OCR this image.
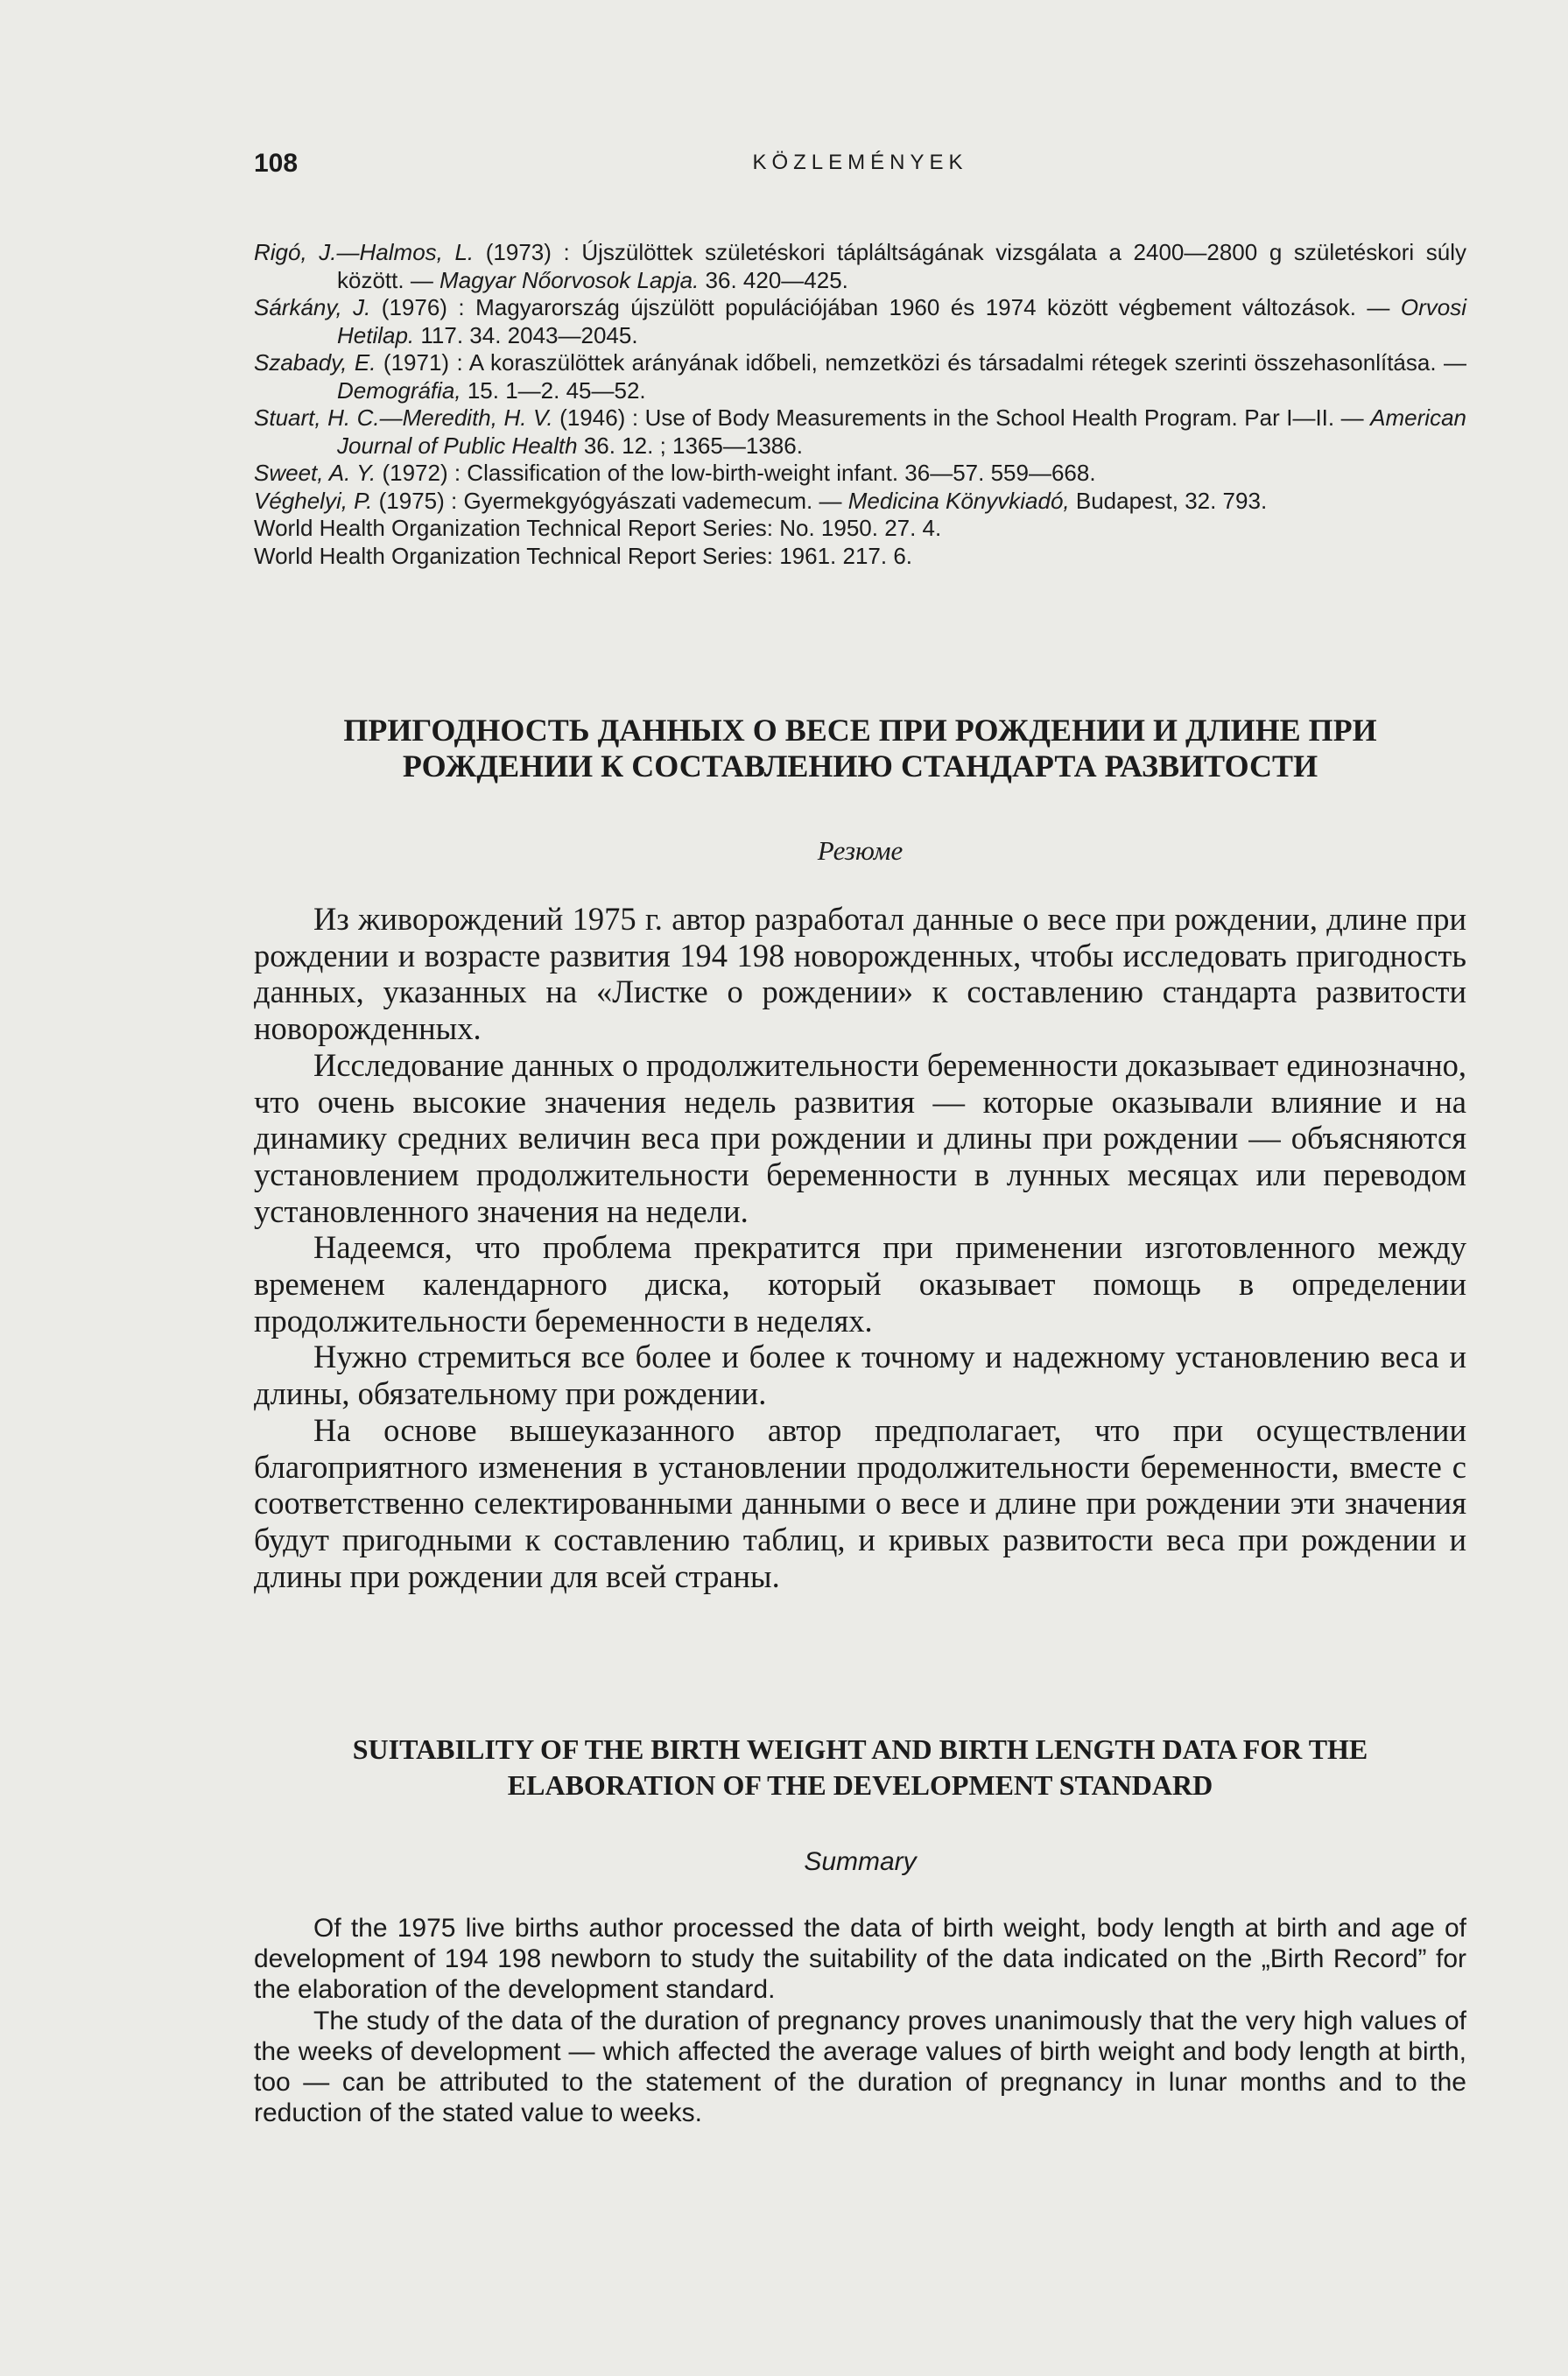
108	KÖZLEMÉNYEK

Rigó, J.—Halmos, L. (1973) : Újszülöttek születéskori tápláltságának vizsgálata a 2400—2800 g születéskori súly között. — Magyar Nőorvosok Lapja. 36. 420—425.

Sárkány, J. (1976) : Magyarország újszülött populációjában 1960 és 1974 között végbement változások. — Orvosi Hetilap. 117. 34. 2043—2045.

Szabady, E. (1971) : A koraszülöttek arányának időbeli, nemzetközi és társadalmi rétegek szerinti összehasonlítása. — Demográfia, 15. 1—2. 45—52.

Stuart, H. C.—Meredith, H. V. (1946) : Use of Body Measurements in the School Health Program. Par I—II. — American Journal of Public Health 36. 12. ; 1365—1386.

Sweet, A. Y. (1972) : Classification of the low-birth-weight infant. 36—57. 559—668.

Véghelyi, P. (1975) : Gyermekgyógyászati vademecum. — Medicina Könyvkiadó, Budapest, 32. 793.

World Health Organization Technical Report Series: No. 1950. 27. 4.

World Health Organization Technical Report Series: 1961. 217. 6.

ПРИГОДНОСТЬ ДАННЫХ О ВЕСЕ ПРИ РОЖДЕНИИ И ДЛИНЕ ПРИ РОЖДЕНИИ К СОСТАВЛЕНИЮ СТАНДАРТА РАЗВИТОСТИ

Резюме

Из живорождений 1975 г. автор разработал данные о весе при рождении, длине при рождении и возрасте развития 194 198 новорожденных, чтобы исследовать пригодность данных, указанных на «Листке о рождении» к составлению стандарта развитости новорожденных.

Исследование данных о продолжительности беременности доказывает единозначно, что очень высокие значения недель развития — которые оказывали влияние и на динамику средних величин веса при рождении и длины при рождении — объясняются установлением продолжительности беременности в лунных месяцах или переводом установленного значения на недели.

Надеемся, что проблема прекратится при применении изготовленного между временем календарного диска, который оказывает помощь в определении продолжительности беременности в неделях.

Нужно стремиться все более и более к точному и надежному установлению веса и длины, обязательному при рождении.

На основе вышеуказанного автор предполагает, что при осуществлении благоприятного изменения в установлении продолжительности беременности, вместе с соответственно селектированными данными о весе и длине при рождении эти значения будут пригодными к составлению таблиц, и кривых развитости веса при рождении и длины при рождении для всей страны.

SUITABILITY OF THE BIRTH WEIGHT AND BIRTH LENGTH DATA FOR THE ELABORATION OF THE DEVELOPMENT STANDARD

Summary

Of the 1975 live births author processed the data of birth weight, body length at birth and age of development of 194 198 newborn to study the suitability of the data indicated on the „Birth Record” for the elaboration of the development standard.

The study of the data of the duration of pregnancy proves unanimously that the very high values of the weeks of development — which affected the average values of birth weight and body length at birth, too — can be attributed to the statement of the duration of pregnancy in lunar months and to the reduction of the stated value to weeks.
